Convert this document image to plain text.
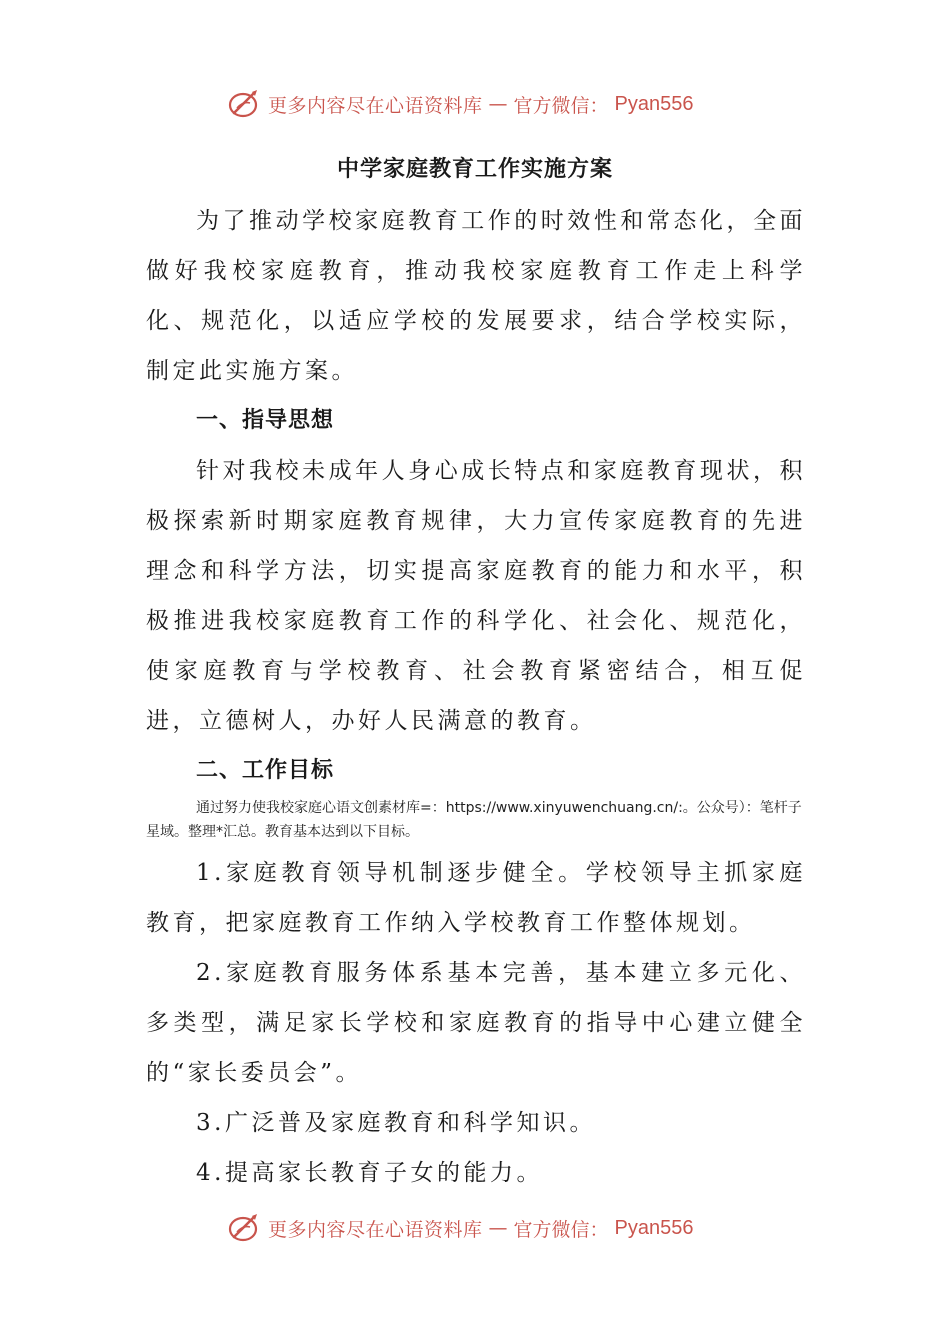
更多内容尽在心语资料库 — 官方微信： Pyan556
中学家庭教育工作实施方案

为了推动学校家庭教育工作的时效性和常态化，全面做好我校家庭教育，推动我校家庭教育工作走上科学化、规范化，以适应学校的发展要求，结合学校实际，制定此实施方案。

一、指导思想

针对我校未成年人身心成长特点和家庭教育现状，积极探索新时期家庭教育规律，大力宣传家庭教育的先进理念和科学方法，切实提高家庭教育的能力和水平，积极推进我校家庭教育工作的科学化、社会化、规范化，使家庭教育与学校教育、社会教育紧密结合，相互促进，立德树人，办好人民满意的教育。

二、工作目标

通过努力使我校家庭心语文创素材库=：https://www.xinyuwenchuang.cn/:。公众号）：笔杆子星域。整理*汇总。教育基本达到以下目标。

1.家庭教育领导机制逐步健全。学校领导主抓家庭教育，把家庭教育工作纳入学校教育工作整体规划。

2.家庭教育服务体系基本完善，基本建立多元化、多类型，满足家长学校和家庭教育的指导中心建立健全的“家长委员会”。

3.广泛普及家庭教育和科学知识。

4.提高家长教育子女的能力。

更多内容尽在心语资料库 — 官方微信： Pyan556
